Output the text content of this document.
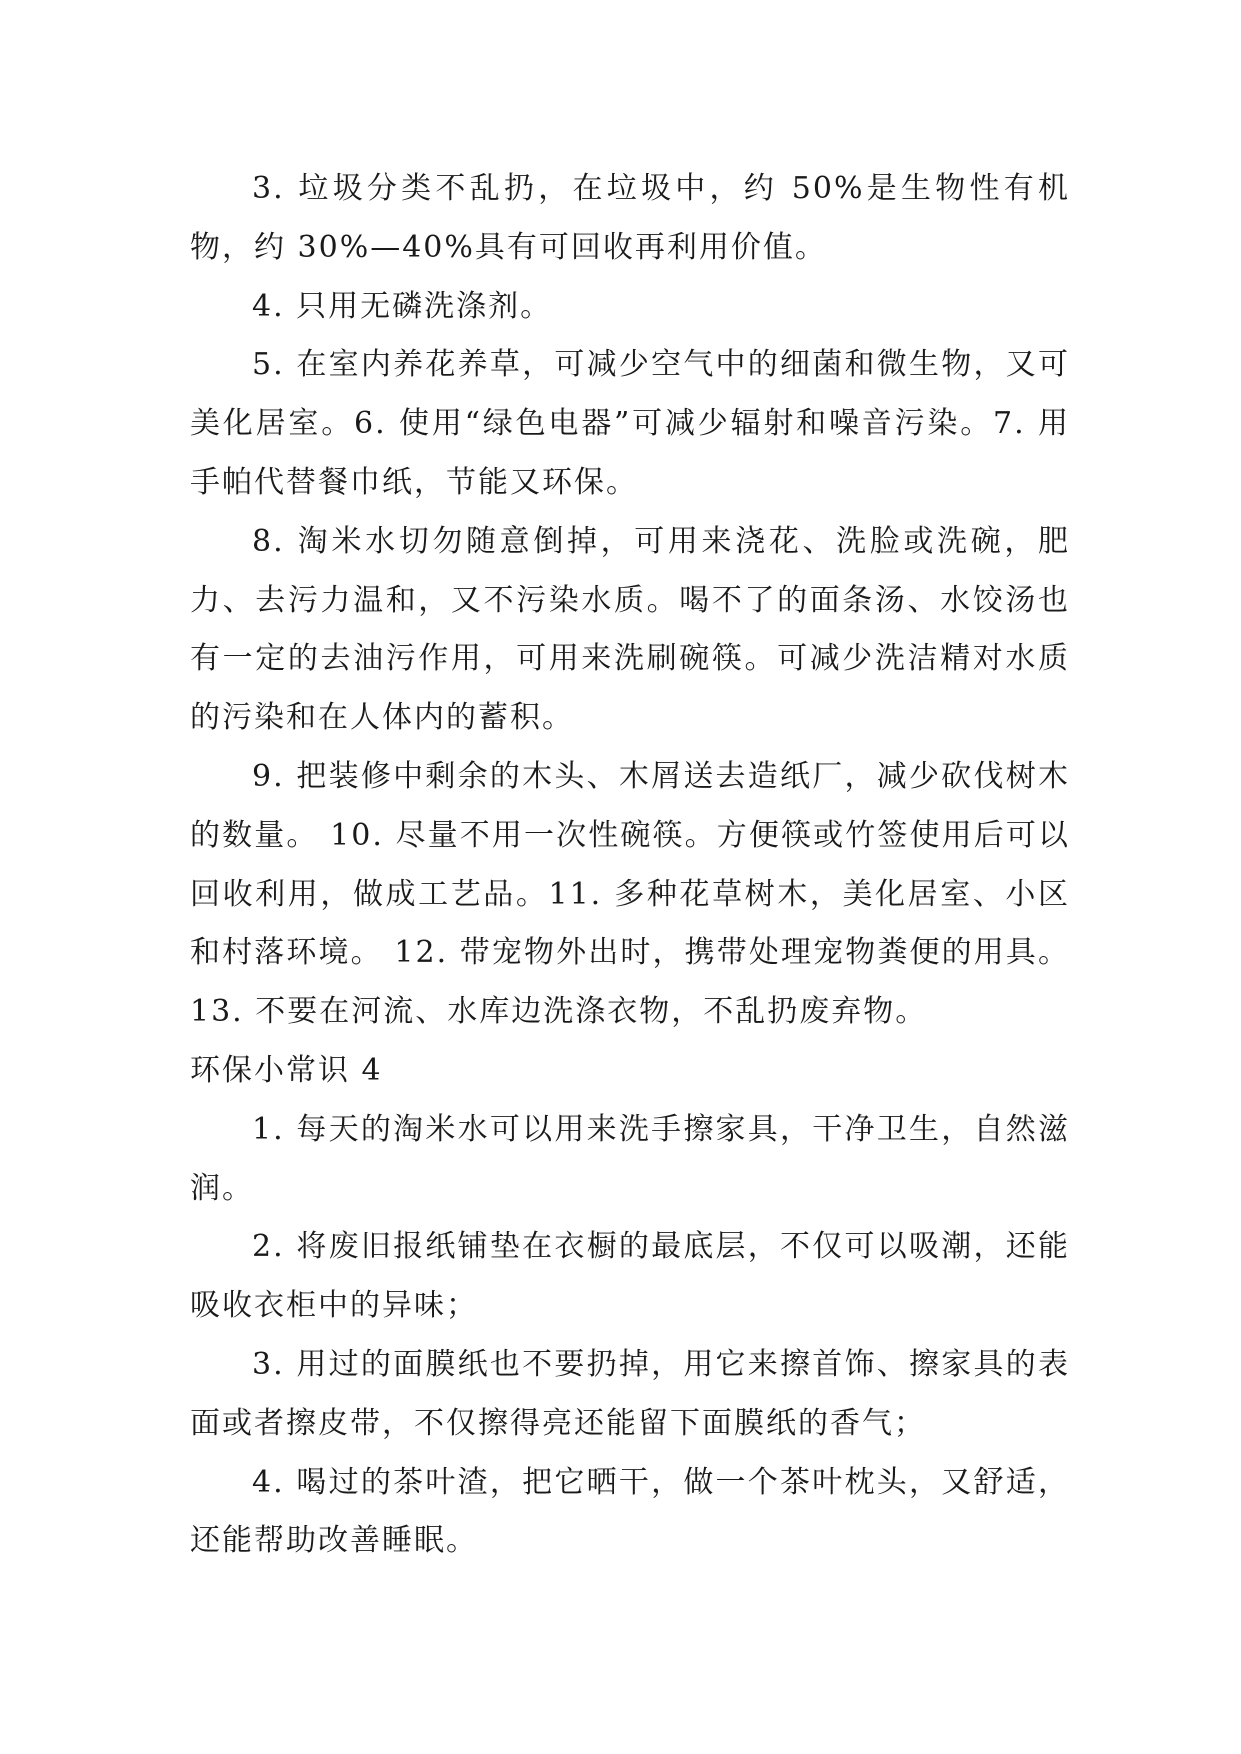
3. 垃圾分类不乱扔，在垃圾中，约 50%是生物性有机物，约 30%—40%具有可回收再利用价值。

4. 只用无磷洗涤剂。

5. 在室内养花养草，可减少空气中的细菌和微生物，又可美化居室。6. 使用“绿色电器”可减少辐射和噪音污染。7. 用手帕代替餐巾纸，节能又环保。

8. 淘米水切勿随意倒掉，可用来浇花、洗脸或洗碗，肥力、去污力温和，又不污染水质。喝不了的面条汤、水饺汤也有一定的去油污作用，可用来洗刷碗筷。可减少洗洁精对水质的污染和在人体内的蓄积。

9. 把装修中剩余的木头、木屑送去造纸厂，减少砍伐树木的数量。 10. 尽量不用一次性碗筷。方便筷或竹签使用后可以回收利用，做成工艺品。11. 多种花草树木，美化居室、小区和村落环境。 12. 带宠物外出时，携带处理宠物粪便的用具。 13. 不要在河流、水库边洗涤衣物，不乱扔废弃物。

环保小常识 4

1. 每天的淘米水可以用来洗手擦家具，干净卫生，自然滋润。

2. 将废旧报纸铺垫在衣橱的最底层，不仅可以吸潮，还能吸收衣柜中的异味；

3. 用过的面膜纸也不要扔掉，用它来擦首饰、擦家具的表面或者擦皮带，不仅擦得亮还能留下面膜纸的香气；

4. 喝过的茶叶渣，把它晒干，做一个茶叶枕头，又舒适，还能帮助改善睡眠。
